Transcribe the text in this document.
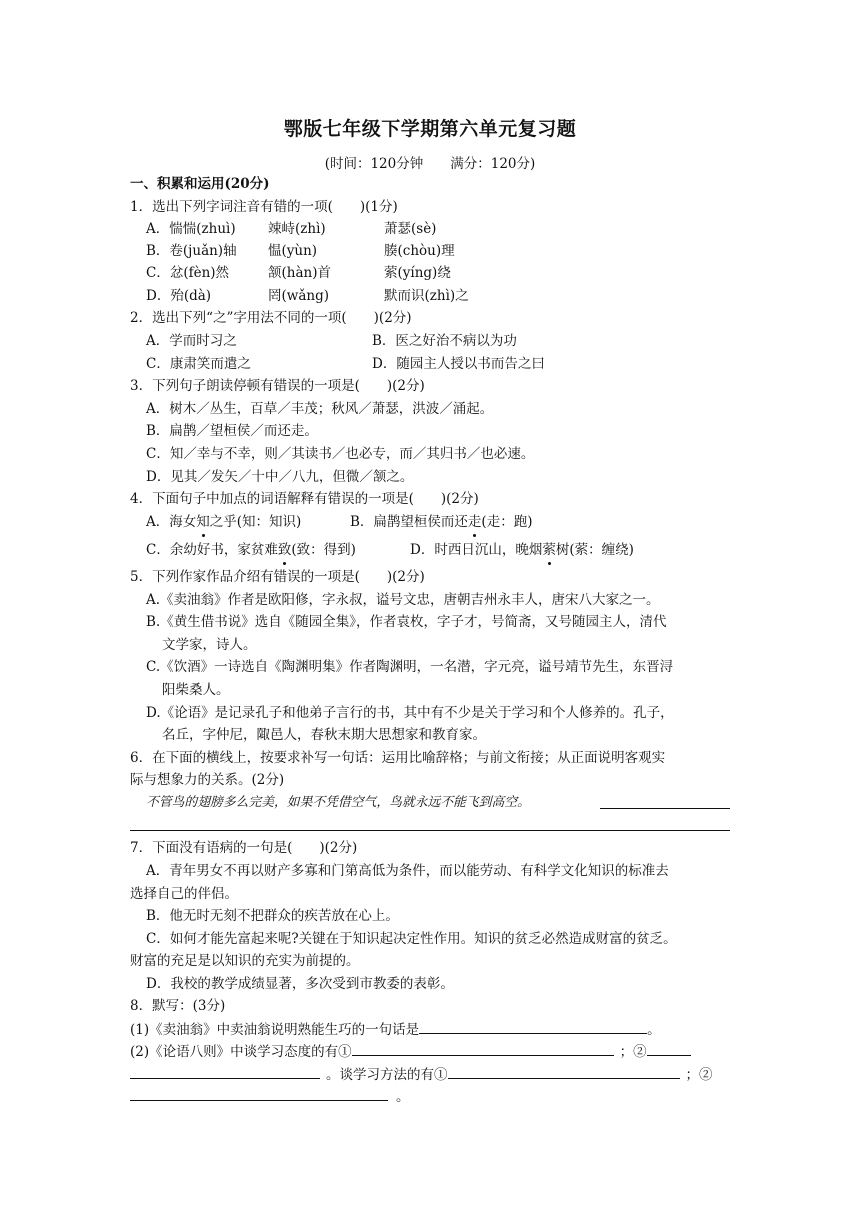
鄂版七年级下学期第六单元复习题
(时间：120分钟　　满分：120分)
一、积累和运用(20分)
1．选出下列字词注音有错的一项(　　)(1分)
A．惴惴(zhuì) 竦峙(zhì)	萧瑟(sè)
B．卷(juǎn)轴 愠(yùn)	腠(chòu)理
C．忿(fèn)然	颔(hàn)首	萦(yíng)绕
D．殆(dà)	罔(wǎng)	默而识(zhì)之
2．选出下列“之”字用法不同的一项(　　)(2分)
A．学而时习之	B．医之好治不病以为功
C．康肃笑而遣之	D．随园主人授以书而告之曰
3．下列句子朗读停顿有错误的一项是(　　)(2分)
A．树木／丛生，百草／丰茂；秋风／萧瑟，洪波／涌起。
B．扁鹊／望桓侯／而还走。
C．知／幸与不幸，则／其读书／也必专，而／其归书／也必速。
D．见其／发矢／十中／八九，但微／颔之。
4．下面句子中加点的词语解释有错误的一项是(　　)(2分)
A．海女知之乎(知：知识)	B．扁鹊望桓侯而还走(走：跑)
C．余幼好书，家贫难致(致：得到)	D．时西日沉山，晚烟萦树(萦：缠绕)
5．下列作家作品介绍有错误的一项是(　　)(2分)
A.《卖油翁》作者是欧阳修，字永叔，谥号文忠，唐朝吉州永丰人，唐宋八大家之一。
B.《黄生借书说》选自《随园全集》，作者袁枚，字子才，号简斋，又号随园主人，清代
文学家，诗人。
C.《饮酒》一诗选自《陶渊明集》作者陶渊明，一名潜，字元亮，谥号靖节先生，东晋浔
阳柴桑人。
D.《论语》是记录孔子和他弟子言行的书，其中有不少是关于学习和个人修养的。孔子，
名丘，字仲尼，陬邑人，春秋末期大思想家和教育家。
6．在下面的横线上，按要求补写一句话：运用比喻辞格；与前文衔接；从正面说明客观实
际与想象力的关系。(2分)
不管鸟的翅膀多么完美，如果不凭借空气，鸟就永远不能飞到高空。
7．下面没有语病的一句是(　　)(2分)
A．青年男女不再以财产多寡和门第高低为条件，而以能劳动、有科学文化知识的标准去
选择自己的伴侣。
B．他无时无刻不把群众的疾苦放在心上。
C．如何才能先富起来呢?关键在于知识起决定性作用。知识的贫乏必然造成财富的贫乏。
财富的充足是以知识的充实为前提的。
D．我校的教学成绩显著，多次受到市教委的表彰。
8．默写：(3分)
(1)《卖油翁》中卖油翁说明熟能生巧的一句话是	。
(2)《论语八则》中谈学习态度的有①	；②
。谈学习方法的有①	；②
。
